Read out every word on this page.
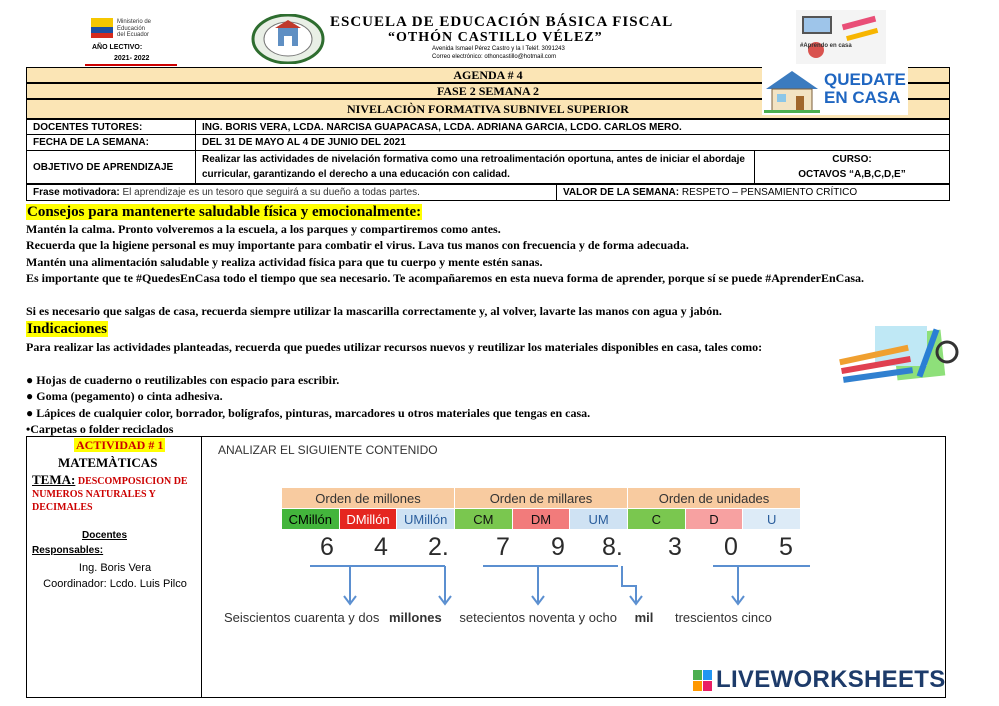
Ministerio de
Educación
del Ecuador
AÑO LECTIVO:
2021- 2022
ESCUELA DE EDUCACIÓN BÁSICA FISCAL
“OTHÓN CASTILLO VÉLEZ”
Avenida Ismael Pérez Castro y la I Teléf. 3091243
Correo electrónico: othoncastillo@hotmail.com
#Aprendo en casa
AGENDA # 4
FASE 2 SEMANA 2
NIVELACIÒN FORMATIVA SUBNIVEL SUPERIOR
QUEDATE
EN CASA
DOCENTES TUTORES:	ING. BORIS VERA, LCDA. NARCISA GUAPACASA, LCDA. ADRIANA GARCIA, LCDO. CARLOS MERO.	
FECHA DE LA SEMANA:	DEL 31 DE MAYO AL 4 DE JUNIO DEL 2021	
OBJETIVO DE APRENDIZAJE	Realizar las actividades de nivelación formativa como una retroalimentación oportuna, antes de iniciar el abordaje curricular, garantizando el derecho a una educación con calidad.	CURSO:
OCTAVOS “A,B,C,D,E”
Frase motivadora: El aprendizaje es un tesoro que seguirá a su dueño a todas partes.	VALOR DE LA SEMANA: RESPETO – PENSAMIENTO CRÍTICO
Consejos para mantenerte saludable física y emocionalmente:
Mantén la calma. Pronto volveremos a la escuela, a los parques y compartiremos como antes.
Recuerda que la higiene personal es muy importante para combatir el virus. Lava tus manos con frecuencia y de forma adecuada.
Mantén una alimentación saludable y realiza actividad física para que tu cuerpo y mente estén sanas.
Es importante que te #QuedesEnCasa todo el tiempo que sea necesario. Te acompañaremos en esta nueva forma de aprender, porque sí se puede #AprenderEnCasa.
Si es necesario que salgas de casa, recuerda siempre utilizar la mascarilla correctamente y, al volver, lavarte las manos con agua y jabón.
Indicaciones
Para realizar las actividades planteadas, recuerda que puedes utilizar recursos nuevos y reutilizar los materiales disponibles en casa, tales como:
● Hojas de cuaderno o reutilizables con espacio para escribir.
● Goma (pegamento) o cinta adhesiva.
● Lápices de cualquier color, borrador, bolígrafos, pinturas, marcadores u otros materiales que tengas en casa.
•Carpetas o folder reciclados
ACTIVIDAD # 1
MATEMÀTICAS
TEMA: DESCOMPOSICION DE NUMEROS NATURALES Y DECIMALES
Docentes
Responsables:
Ing. Boris Vera
Coordinador: Lcdo. Luis Pilco
ANALIZAR EL SIGUIENTE CONTENIDO
Orden de millones			Orden de millares			Orden de unidades		
CMillón	DMillón	UMillón	CM	DM	UM	C	D	U
6 4 2. 7 9 8. 3 0 5
Seiscientos cuarenta y dos millones setecientos noventa y ocho mil trescientos cinco
LIVEWORKSHEETS
